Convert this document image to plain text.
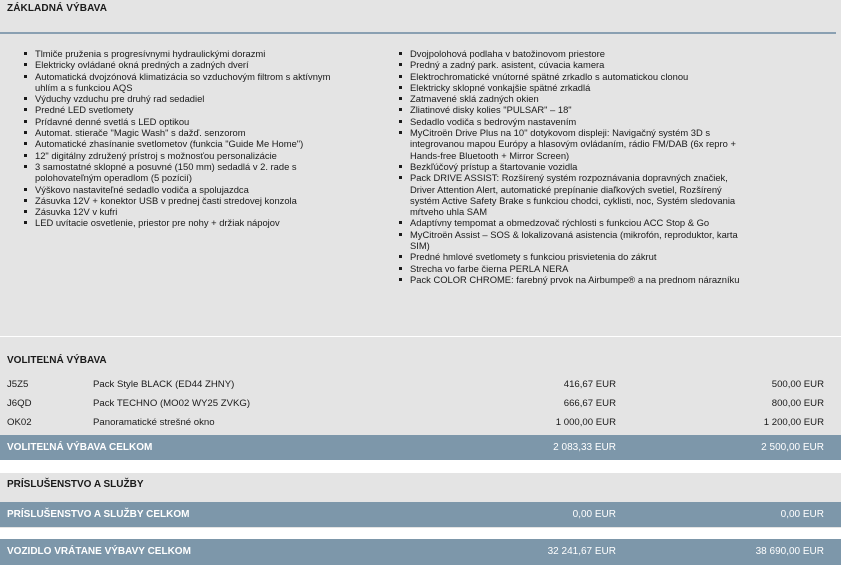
ZÁKLADNÁ VÝBAVA
Tlmiče pruženia s progresívnymi hydraulickými dorazmi
Elektricky ovládané okná predných a zadných dverí
Automatická dvojzónová klimatizácia so vzduchovým filtrom s aktívnym uhlím a s funkciou AQS
Výduchy vzduchu pre druhý rad sedadiel
Predné LED svetlomety
Prídavné denné svetlá s LED optikou
Automat. stierače "Magic Wash" s dažď. senzorom
Automatické zhasínanie svetlometov (funkcia "Guide Me Home")
12" digitálny združený prístroj s možnosťou personalizácie
3 samostatné sklopné a posuvné (150 mm) sedadlá v 2. rade s polohovateľným operadlom (5 pozícií)
Výškovo nastaviteľné sedadlo vodiča a spolujazdca
Zásuvka 12V + konektor USB v prednej časti stredovej konzola
Zásuvka 12V v kufri
LED uvítacie osvetlenie, priestor pre nohy + držiak nápojov
Dvojpolohová podlaha v batožinovom priestore
Predný a zadný park. asistent, cúvacia kamera
Elektrochromatické vnútorné spätné zrkadlo s automatickou clonou
Elektricky sklopné vonkajšie spätné zrkadlá
Zatmavené sklá zadných okien
Zliatinové disky kolies "PULSAR" – 18"
Sedadlo vodiča s bedrovým nastavením
MyCitroën Drive Plus na 10'' dotykovom displeji: Navigačný systém 3D s integrovanou mapou Európy a hlasovým ovládaním, rádio FM/DAB (6x repro + Hands-free Bluetooth + Mirror Screen)
Bezkľúčový prístup a štartovanie vozidla
Pack DRIVE ASSIST: Rozšírený systém rozpoznávania dopravných značiek, Driver Attention Alert, automatické prepínanie diaľkových svetiel, Rozšírený systém Active Safety Brake s funkciou chodci, cyklisti, noc, Systém sledovania mŕtveho uhla SAM
Adaptívny tempomat a obmedzovač rýchlosti s funkciou ACC Stop & Go
MyCitroën Assist – SOS & lokalizovaná asistencia (mikrofón, reproduktor, karta SIM)
Predné hmlové svetlomety s funkciou prisvietenia do zákrut
Strecha vo farbe čierna PERLA NERA
Pack COLOR CHROME: farebný prvok na Airbumpe® a na prednom nárazníku
VOLITEĽNÁ VÝBAVA
J5Z5	Pack Style BLACK (ED44 ZHNY)	416,67 EUR	500,00 EUR
J6QD	Pack TECHNO (MO02 WY25 ZVKG)	666,67 EUR	800,00 EUR
OK02	Panoramatické strešné okno	1 000,00 EUR	1 200,00 EUR
VOLITEĽNÁ VÝBAVA CELKOM	2 083,33 EUR	2 500,00 EUR
PRÍSLUŠENSTVO A SLUŽBY
PRÍSLUŠENSTVO A SLUŽBY CELKOM	0,00 EUR	0,00 EUR
VOZIDLO VRÁTANE VÝBAVY CELKOM	32 241,67 EUR	38 690,00 EUR
